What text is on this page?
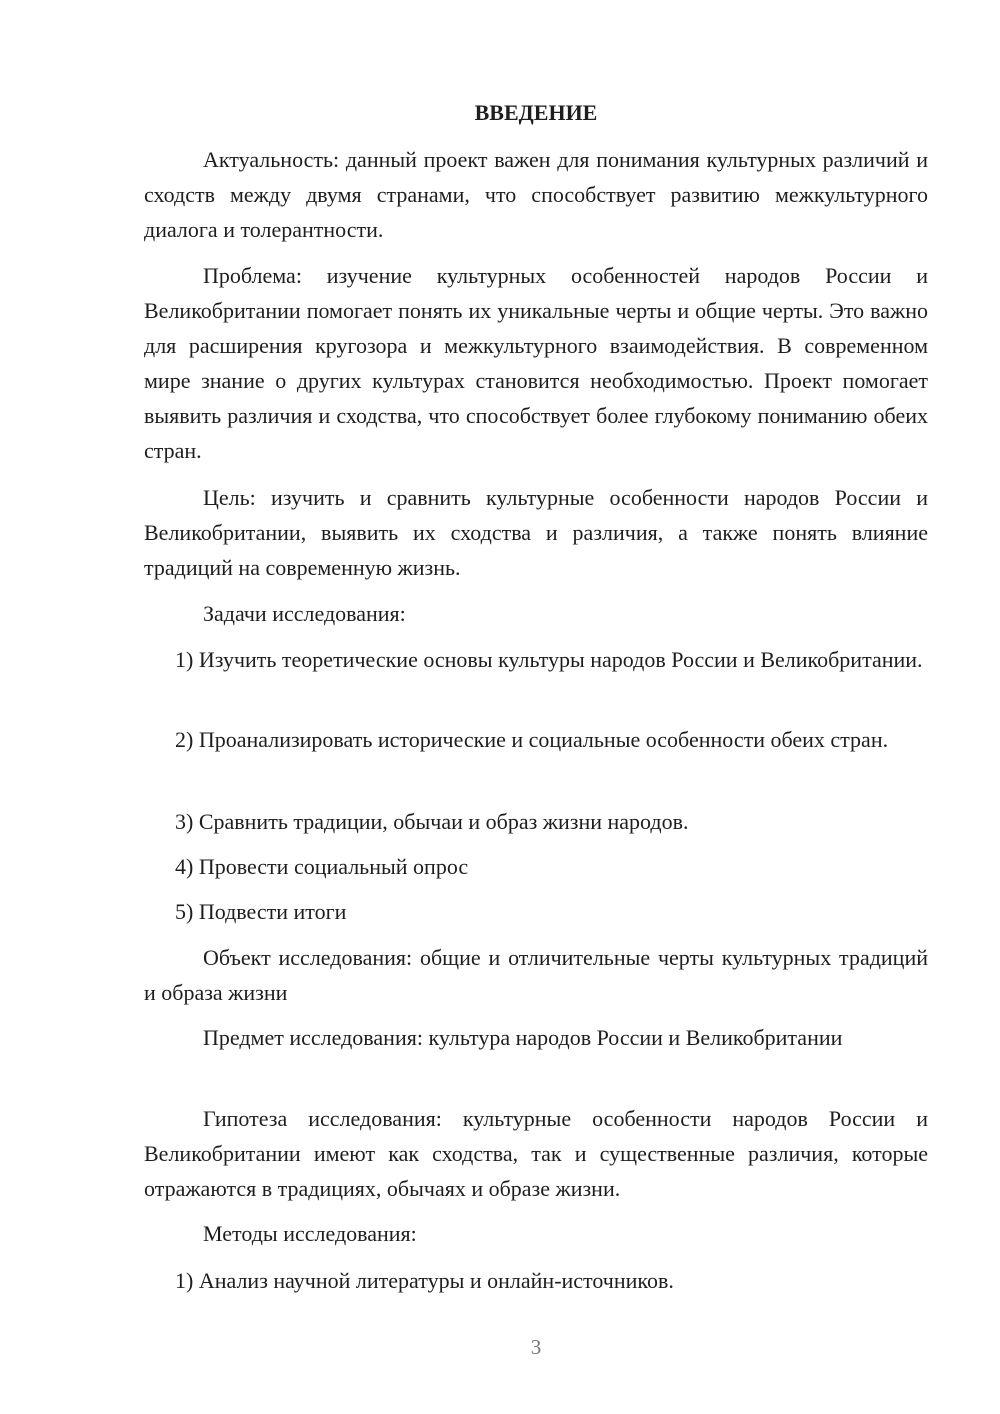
ВВЕДЕНИЕ
Актуальность: данный проект важен для понимания культурных различий и сходств между двумя странами, что способствует развитию межкультурного диалога и толерантности.
Проблема: изучение культурных особенностей народов России и Великобритании помогает понять их уникальные черты и общие черты. Это важно для расширения кругозора и межкультурного взаимодействия. В современном мире знание о других культурах становится необходимостью. Проект помогает выявить различия и сходства, что способствует более глубокому пониманию обеих стран.
Цель: изучить и сравнить культурные особенности народов России и Великобритании, выявить их сходства и различия, а также понять влияние традиций на современную жизнь.
Задачи исследования:
1) Изучить теоретические основы культуры народов России и Великобритании.
2) Проанализировать исторические и социальные особенности обеих стран.
3) Сравнить традиции, обычаи и образ жизни народов.
4) Провести социальный опрос
5) Подвести итоги
Объект исследования: общие и отличительные черты культурных традиций и образа жизни
Предмет исследования: культура народов России и Великобритании
Гипотеза исследования: культурные особенности народов России и Великобритании имеют как сходства, так и существенные различия, которые отражаются в традициях, обычаях и образе жизни.
Методы исследования:
1) Анализ научной литературы и онлайн-источников.
3
